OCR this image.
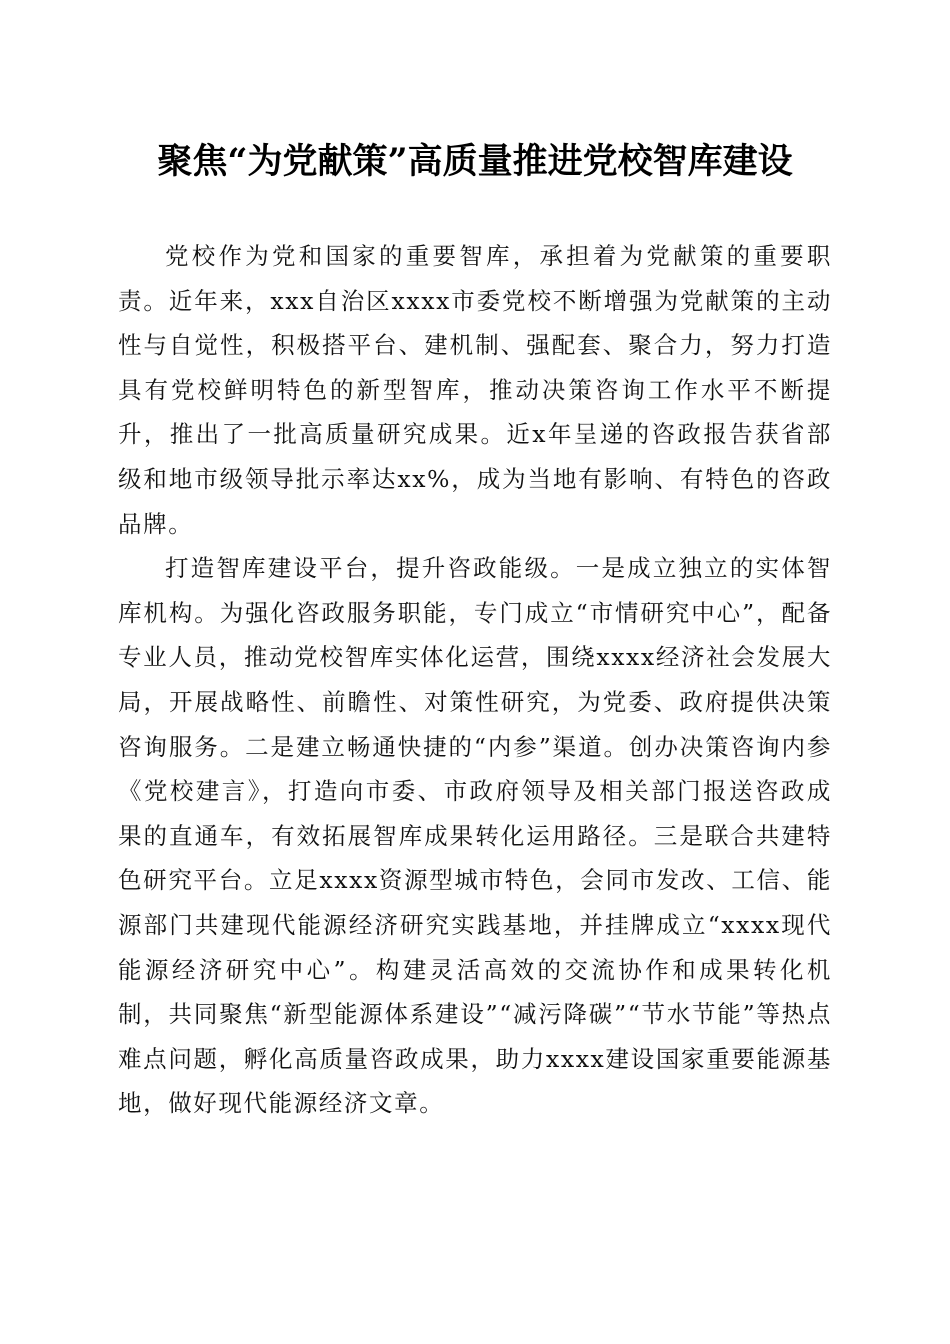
聚焦“为党献策”高质量推进党校智库建设

党校作为党和国家的重要智库，承担着为党献策的重要职责。近年来，xxx自治区xxxx市委党校不断增强为党献策的主动性与自觉性，积极搭平台、建机制、强配套、聚合力，努力打造具有党校鲜明特色的新型智库，推动决策咨询工作水平不断提升，推出了一批高质量研究成果。近x年呈递的咨政报告获省部级和地市级领导批示率达xx%，成为当地有影响、有特色的咨政品牌。

打造智库建设平台，提升咨政能级。一是成立独立的实体智库机构。为强化咨政服务职能，专门成立“市情研究中心”，配备专业人员，推动党校智库实体化运营，围绕xxxx经济社会发展大局，开展战略性、前瞻性、对策性研究，为党委、政府提供决策咨询服务。二是建立畅通快捷的“内参”渠道。创办决策咨询内参《党校建言》，打造向市委、市政府领导及相关部门报送咨政成果的直通车，有效拓展智库成果转化运用路径。三是联合共建特色研究平台。立足xxxx资源型城市特色，会同市发改、工信、能源部门共建现代能源经济研究实践基地，并挂牌成立“xxxx现代能源经济研究中心”。构建灵活高效的交流协作和成果转化机制，共同聚焦“新型能源体系建设”“减污降碳”“节水节能”等热点难点问题，孵化高质量咨政成果，助力xxxx建设国家重要能源基地，做好现代能源经济文章。
